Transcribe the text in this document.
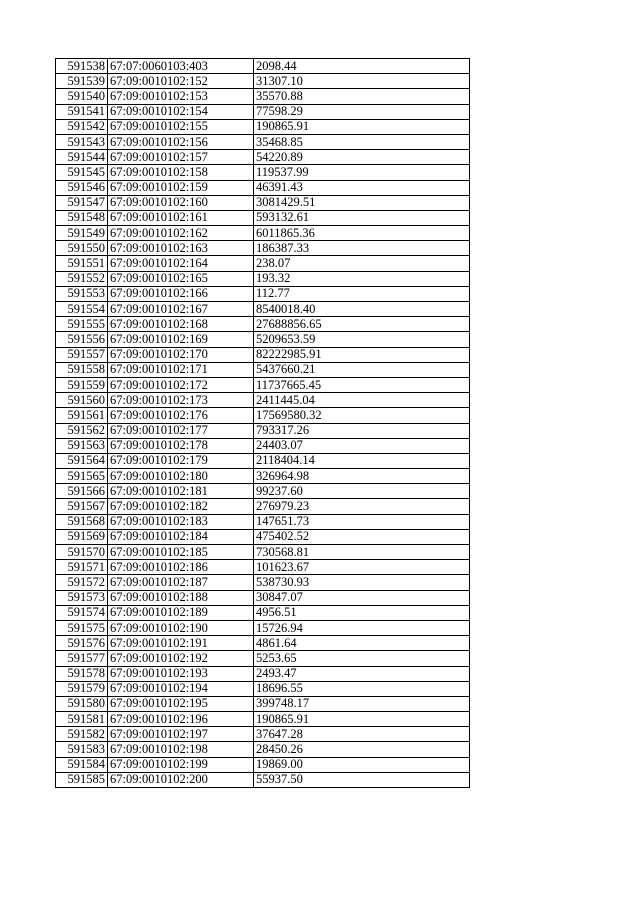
591538	67:07:0060103:403	2098.44
591539	67:09:0010102:152	31307.10
591540	67:09:0010102:153	35570.88
591541	67:09:0010102:154	77598.29
591542	67:09:0010102:155	190865.91
591543	67:09:0010102:156	35468.85
591544	67:09:0010102:157	54220.89
591545	67:09:0010102:158	119537.99
591546	67:09:0010102:159	46391.43
591547	67:09:0010102:160	3081429.51
591548	67:09:0010102:161	593132.61
591549	67:09:0010102:162	6011865.36
591550	67:09:0010102:163	186387.33
591551	67:09:0010102:164	238.07
591552	67:09:0010102:165	193.32
591553	67:09:0010102:166	112.77
591554	67:09:0010102:167	8540018.40
591555	67:09:0010102:168	27688856.65
591556	67:09:0010102:169	5209653.59
591557	67:09:0010102:170	82222985.91
591558	67:09:0010102:171	5437660.21
591559	67:09:0010102:172	11737665.45
591560	67:09:0010102:173	2411445.04
591561	67:09:0010102:176	17569580.32
591562	67:09:0010102:177	793317.26
591563	67:09:0010102:178	24403.07
591564	67:09:0010102:179	2118404.14
591565	67:09:0010102:180	326964.98
591566	67:09:0010102:181	99237.60
591567	67:09:0010102:182	276979.23
591568	67:09:0010102:183	147651.73
591569	67:09:0010102:184	475402.52
591570	67:09:0010102:185	730568.81
591571	67:09:0010102:186	101623.67
591572	67:09:0010102:187	538730.93
591573	67:09:0010102:188	30847.07
591574	67:09:0010102:189	4956.51
591575	67:09:0010102:190	15726.94
591576	67:09:0010102:191	4861.64
591577	67:09:0010102:192	5253.65
591578	67:09:0010102:193	2493.47
591579	67:09:0010102:194	18696.55
591580	67:09:0010102:195	399748.17
591581	67:09:0010102:196	190865.91
591582	67:09:0010102:197	37647.28
591583	67:09:0010102:198	28450.26
591584	67:09:0010102:199	19869.00
591585	67:09:0010102:200	55937.50
